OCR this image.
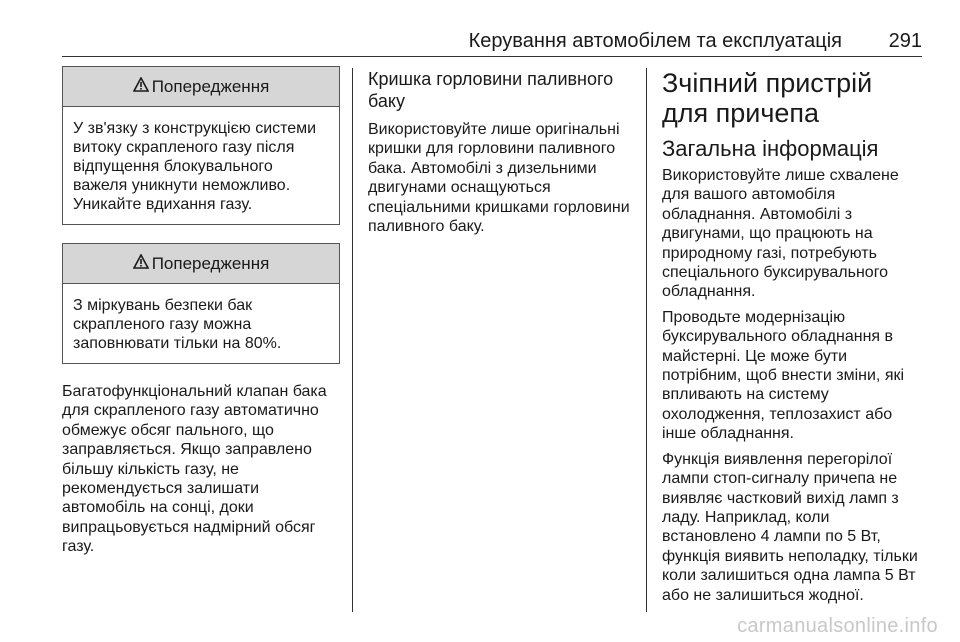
Керування автомобілем та експлуатація 291
Попередження
У зв'язку з конструкцією системи витоку скрапленого газу після відпущення блокувального важеля уникнути неможливо. Уникайте вдихання газу.
Попередження
З міркувань безпеки бак скрапленого газу можна заповнювати тільки на 80%.

Багатофункціональний клапан бака для скрапленого газу автоматично обмежує обсяг пального, що заправляється. Якщо заправлено більшу кількість газу, не рекомендується залишати автомобіль на сонці, доки випрацьовується надмірний обсяг газу.

Кришка горловини паливного баку

Використовуйте лише оригінальні кришки для горловини паливного бака. Автомобілі з дизельними двигунами оснащуються спеціальними кришками горловини паливного баку.

Зчіпний пристрій для причепа
Загальна інформація

Використовуйте лише схвалене для вашого автомобіля обладнання. Автомобілі з двигунами, що працюють на природному газі, потребують спеціального буксирувального обладнання.

Проводьте модернізацію буксирувального обладнання в майстерні. Це може бути потрібним, щоб внести зміни, які впливають на систему охолодження, теплозахист або інше обладнання.

Функція виявлення перегорілої лампи стоп-сигналу причепа не виявляє частковий вихід ламп з ладу. Наприклад, коли встановлено 4 лампи по 5 Вт, функція виявить неполадку, тільки коли залишиться одна лампа 5 Вт або не залишиться жодної.

carmanualsonline.info
